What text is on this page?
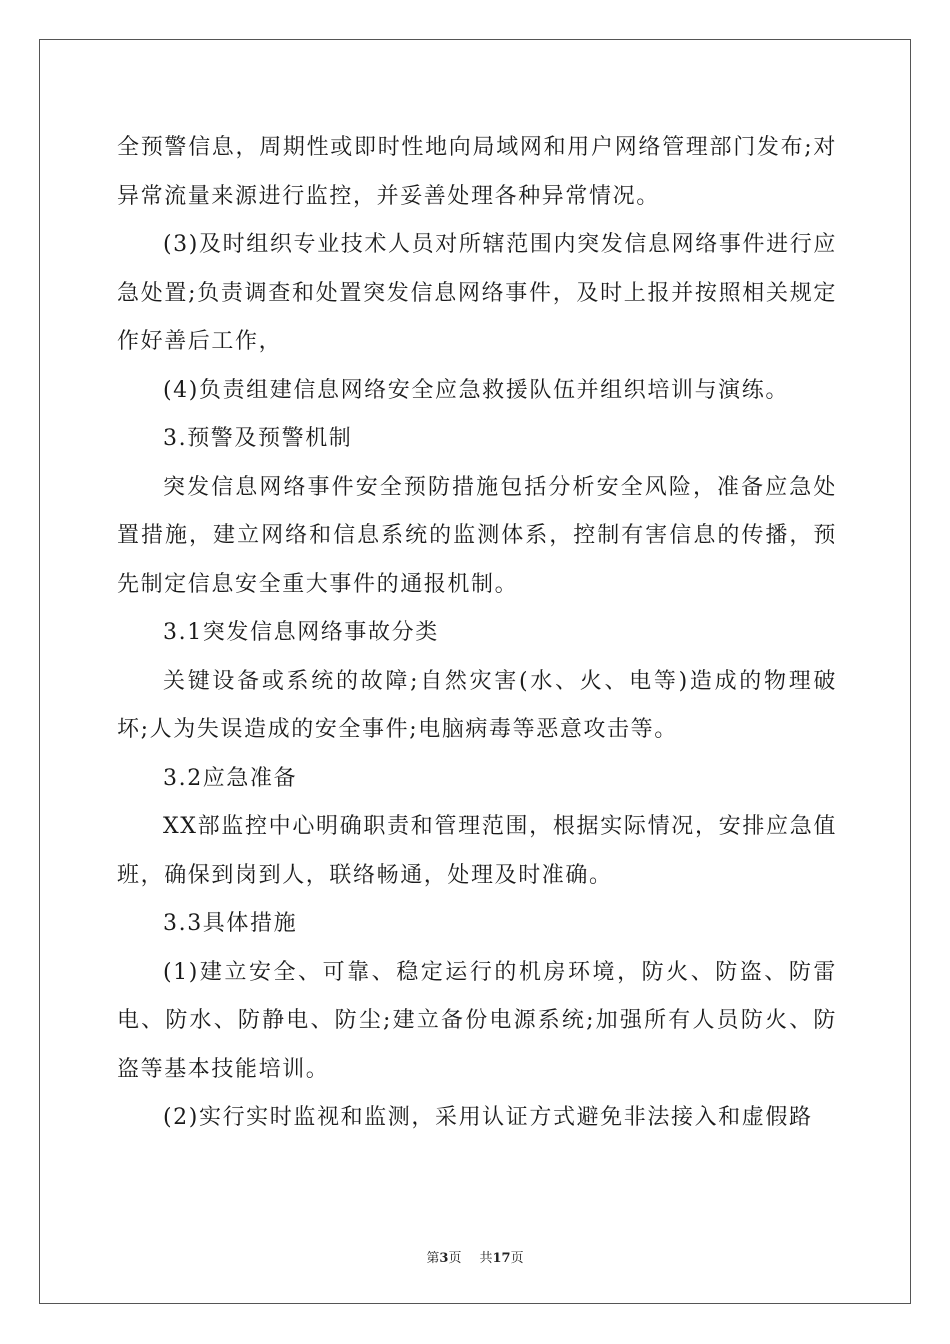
全预警信息，周期性或即时性地向局域网和用户网络管理部门发布;对异常流量来源进行监控，并妥善处理各种异常情况。

(3)及时组织专业技术人员对所辖范围内突发信息网络事件进行应急处置;负责调查和处置突发信息网络事件，及时上报并按照相关规定作好善后工作，

(4)负责组建信息网络安全应急救援队伍并组织培训与演练。

3.预警及预警机制

突发信息网络事件安全预防措施包括分析安全风险，准备应急处置措施，建立网络和信息系统的监测体系，控制有害信息的传播，预先制定信息安全重大事件的通报机制。

3.1突发信息网络事故分类

关键设备或系统的故障;自然灾害(水、火、电等)造成的物理破坏;人为失误造成的安全事件;电脑病毒等恶意攻击等。

3.2应急准备

XX部监控中心明确职责和管理范围，根据实际情况，安排应急值班，确保到岗到人，联络畅通，处理及时准确。

3.3具体措施

(1)建立安全、可靠、稳定运行的机房环境，防火、防盗、防雷电、防水、防静电、防尘;建立备份电源系统;加强所有人员防火、防盗等基本技能培训。

(2)实行实时监视和监测，采用认证方式避免非法接入和虚假路

第3页 共17页
